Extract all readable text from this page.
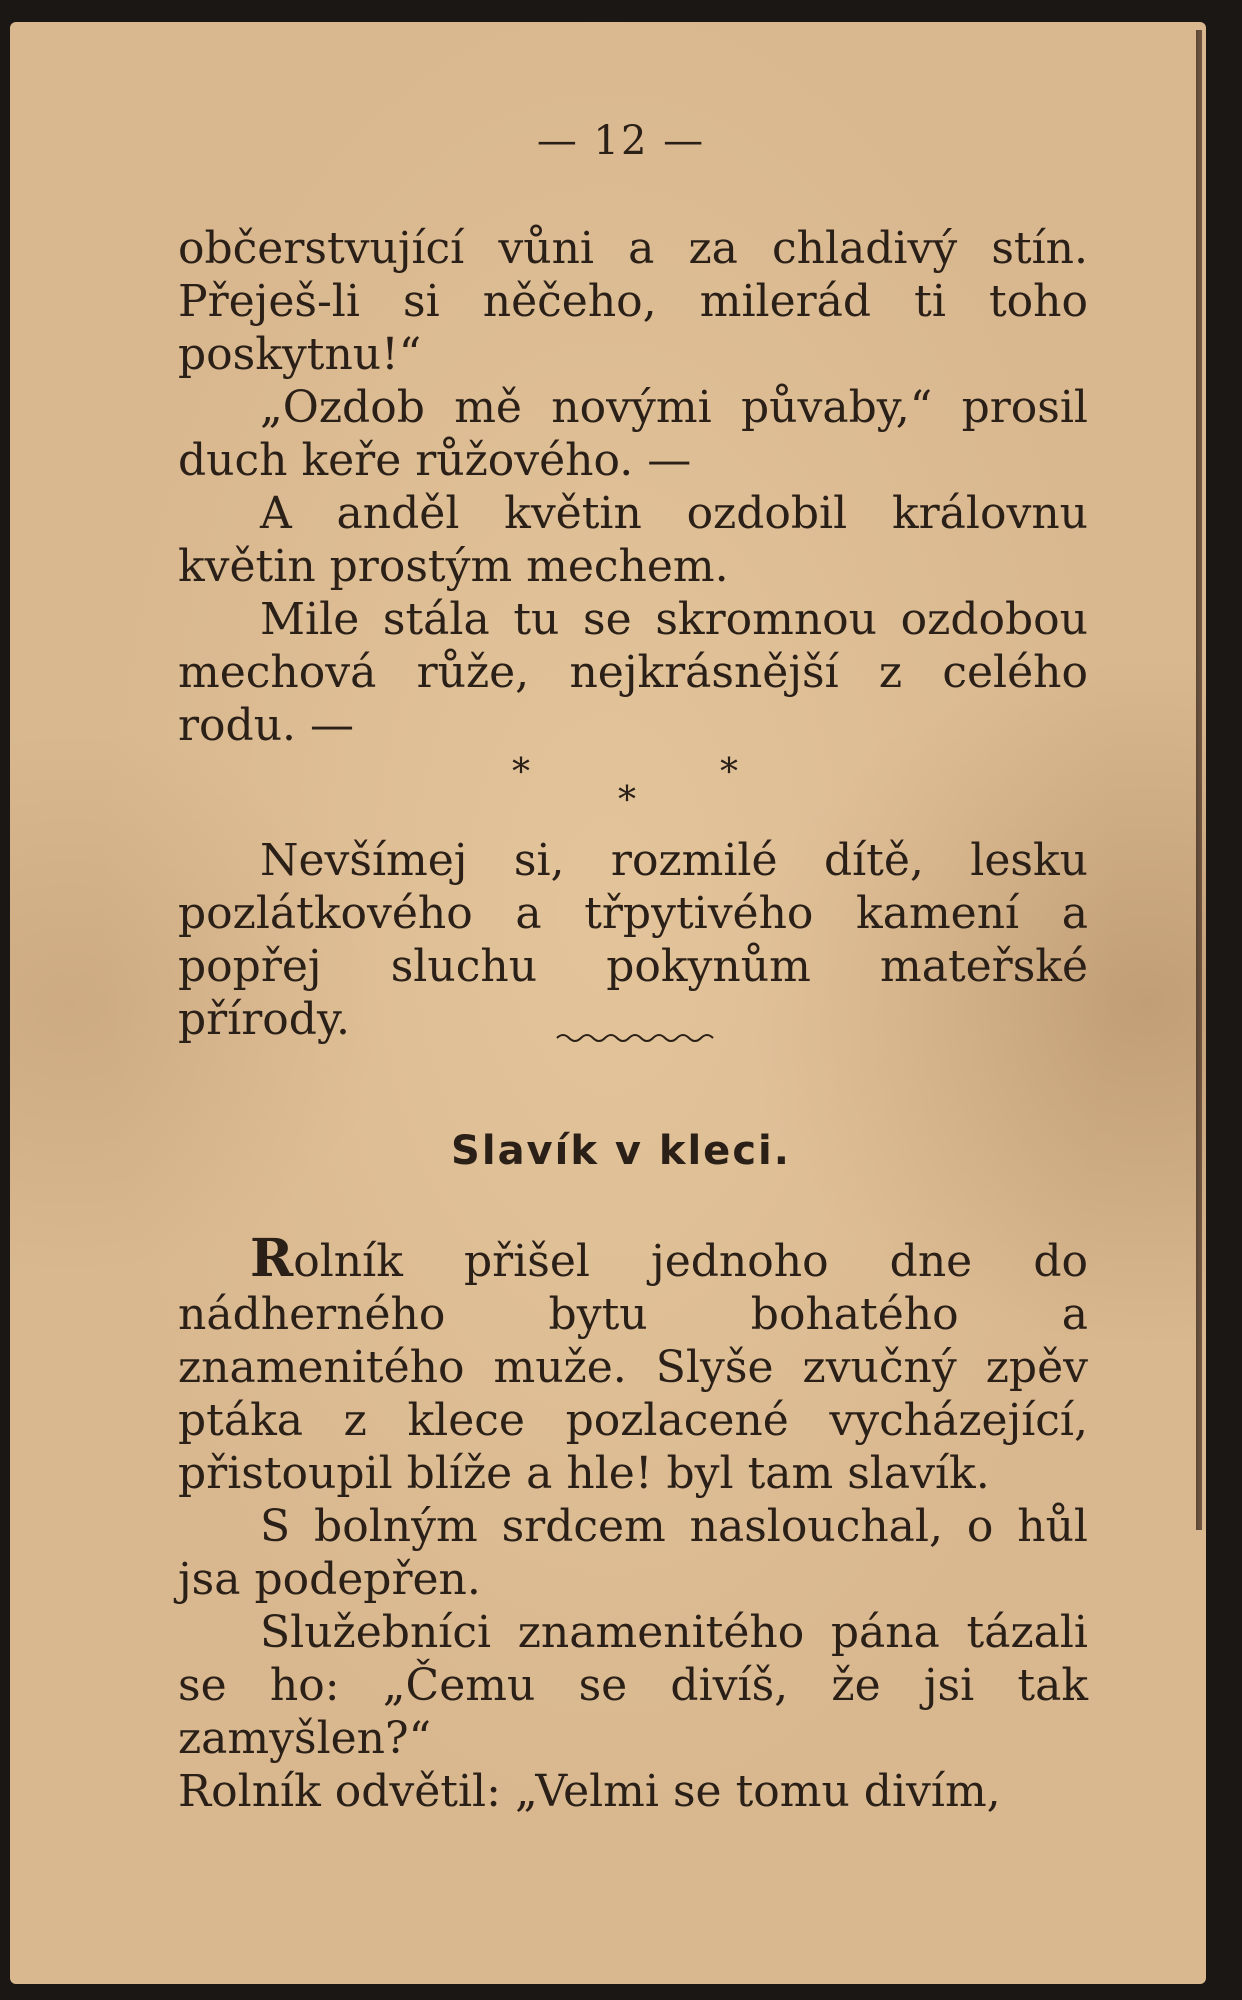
— 12 —

občerstvující vůni a za chladivý stín. Přeješ-li si něčeho, milerád ti toho poskytnu!“

„Ozdob mě novými půvaby,“ prosil duch keře růžového. —

A anděl květin ozdobil královnu květin prostým mechem.

Mile stála tu se skromnou ozdobou mechová růže, nejkrásnější z celého rodu. —

*
*
*

Nevšímej si, rozmilé dítě, lesku pozlátkového a třpytivého kamení a popřej sluchu pokynům mateřské přírody.

Slavík v kleci.

Rolník přišel jednoho dne do nádherného bytu bohatého a znamenitého muže. Slyše zvučný zpěv ptáka z klece pozlacené vycházející, přistoupil blíže a hle! byl tam slavík.

S bolným srdcem naslouchal, o hůl jsa podepřen.

Služebníci znamenitého pána tázali se ho: „Čemu se divíš, že jsi tak zamyšlen?“

Rolník odvětil: „Velmi se tomu divím,
